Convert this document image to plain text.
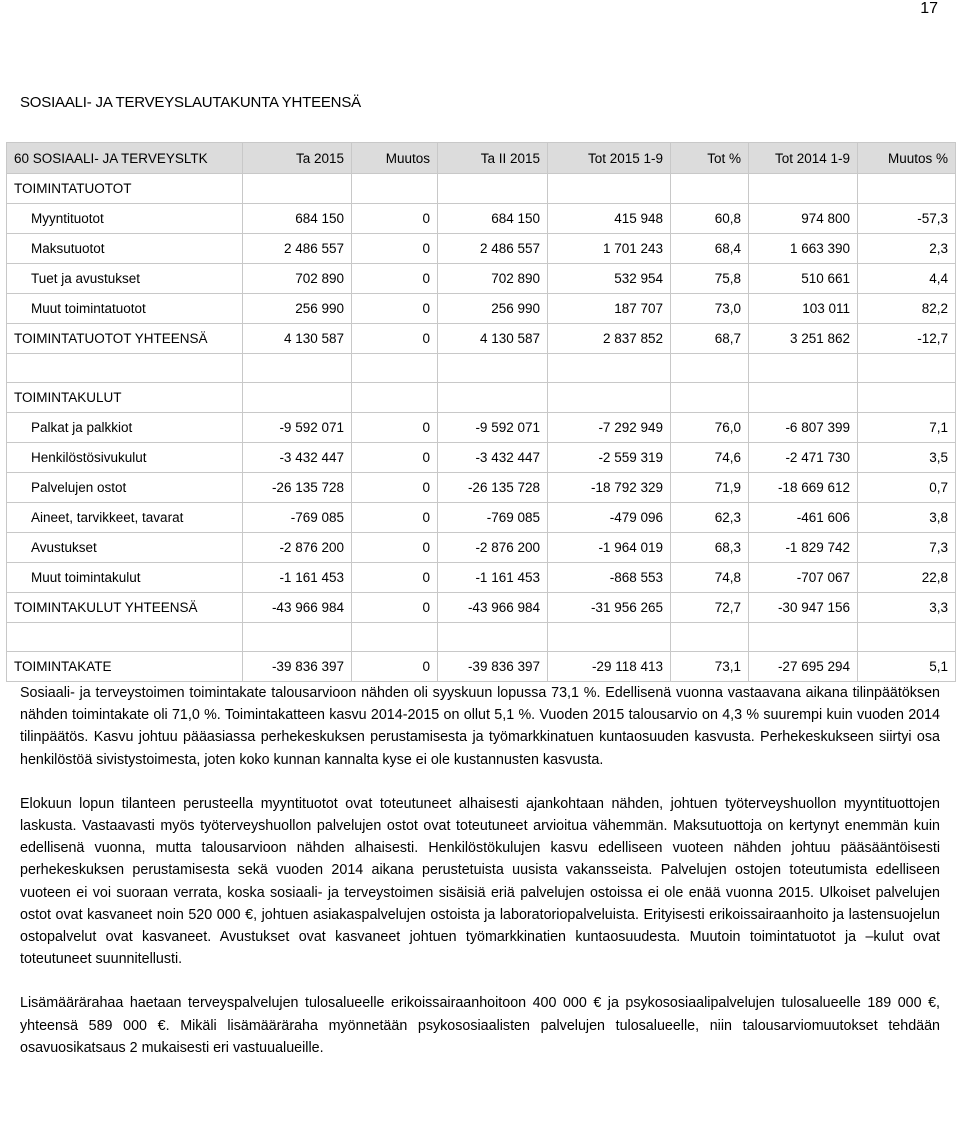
17
SOSIAALI- JA TERVEYSLAUTAKUNTA YHTEENSÄ
60 SOSIAALI- JA TERVEYSLTK	Ta 2015	Muutos	Ta II 2015	Tot 2015 1-9	Tot %	Tot 2014 1-9	Muutos %
TOIMINTATUOTOT							
Myyntituotot	684 150	0	684 150	415 948	60,8	974 800	-57,3
Maksutuotot	2 486 557	0	2 486 557	1 701 243	68,4	1 663 390	2,3
Tuet ja avustukset	702 890	0	702 890	532 954	75,8	510 661	4,4
Muut toimintatuotot	256 990	0	256 990	187 707	73,0	103 011	82,2
TOIMINTATUOTOT YHTEENSÄ	4 130 587	0	4 130 587	2 837 852	68,7	3 251 862	-12,7

TOIMINTAKULUT							
Palkat ja palkkiot	-9 592 071	0	-9 592 071	-7 292 949	76,0	-6 807 399	7,1
Henkilöstösivukulut	-3 432 447	0	-3 432 447	-2 559 319	74,6	-2 471 730	3,5
Palvelujen ostot	-26 135 728	0	-26 135 728	-18 792 329	71,9	-18 669 612	0,7
Aineet, tarvikkeet, tavarat	-769 085	0	-769 085	-479 096	62,3	-461 606	3,8
Avustukset	-2 876 200	0	-2 876 200	-1 964 019	68,3	-1 829 742	7,3
Muut toimintakulut	-1 161 453	0	-1 161 453	-868 553	74,8	-707 067	22,8
TOIMINTAKULUT YHTEENSÄ	-43 966 984	0	-43 966 984	-31 956 265	72,7	-30 947 156	3,3

TOIMINTAKATE	-39 836 397	0	-39 836 397	-29 118 413	73,1	-27 695 294	5,1

Sosiaali- ja terveystoimen toimintakate talousarvioon nähden oli syyskuun lopussa 73,1 %. Edellisenä vuonna vastaavana aikana tilinpäätöksen nähden toimintakate oli 71,0 %. Toimintakatteen kasvu 2014-2015 on ollut 5,1 %. Vuoden 2015 talousarvio on 4,3 % suurempi kuin vuoden 2014 tilinpäätös. Kasvu johtuu pääasiassa perhekeskuksen perustamisesta ja työmarkkinatuen kuntaosuuden kasvusta. Perhekeskukseen siirtyi osa henkilöstöä sivistystoimesta, joten koko kunnan kannalta kyse ei ole kustannusten kasvusta.

Elokuun lopun tilanteen perusteella myyntituotot ovat toteutuneet alhaisesti ajankohtaan nähden, johtuen työterveyshuollon myyntituottojen laskusta. Vastaavasti myös työterveyshuollon palvelujen ostot ovat toteutuneet arvioitua vähemmän. Maksutuottoja on kertynyt enemmän kuin edellisenä vuonna, mutta talousarvioon nähden alhaisesti. Henkilöstökulujen kasvu edelliseen vuoteen nähden johtuu pääsääntöisesti perhekeskuksen perustamisesta sekä vuoden 2014 aikana perustetuista uusista vakansseista. Palvelujen ostojen toteutumista edelliseen vuoteen ei voi suoraan verrata, koska sosiaali- ja terveystoimen sisäisiä eriä palvelujen ostoissa ei ole enää vuonna 2015. Ulkoiset palvelujen ostot ovat kasvaneet noin 520 000 €, johtuen asiakaspalvelujen ostoista ja laboratoriopalveluista. Erityisesti erikoissairaanhoito ja lastensuojelun ostopalvelut ovat kasvaneet. Avustukset ovat kasvaneet johtuen työmarkkinatien kuntaosuudesta. Muutoin toimintatuotot ja –kulut ovat toteutuneet suunnitellusti.

Lisämäärärahaa haetaan terveyspalvelujen tulosalueelle erikoissairaanhoitoon 400 000 € ja psykososiaalipalvelujen tulosalueelle 189 000 €, yhteensä 589 000 €. Mikäli lisämääräraha myönnetään psykososiaalisten palvelujen tulosalueelle, niin talousarviomuutokset tehdään osavuosikatsaus 2 mukaisesti eri vastuualueille.
